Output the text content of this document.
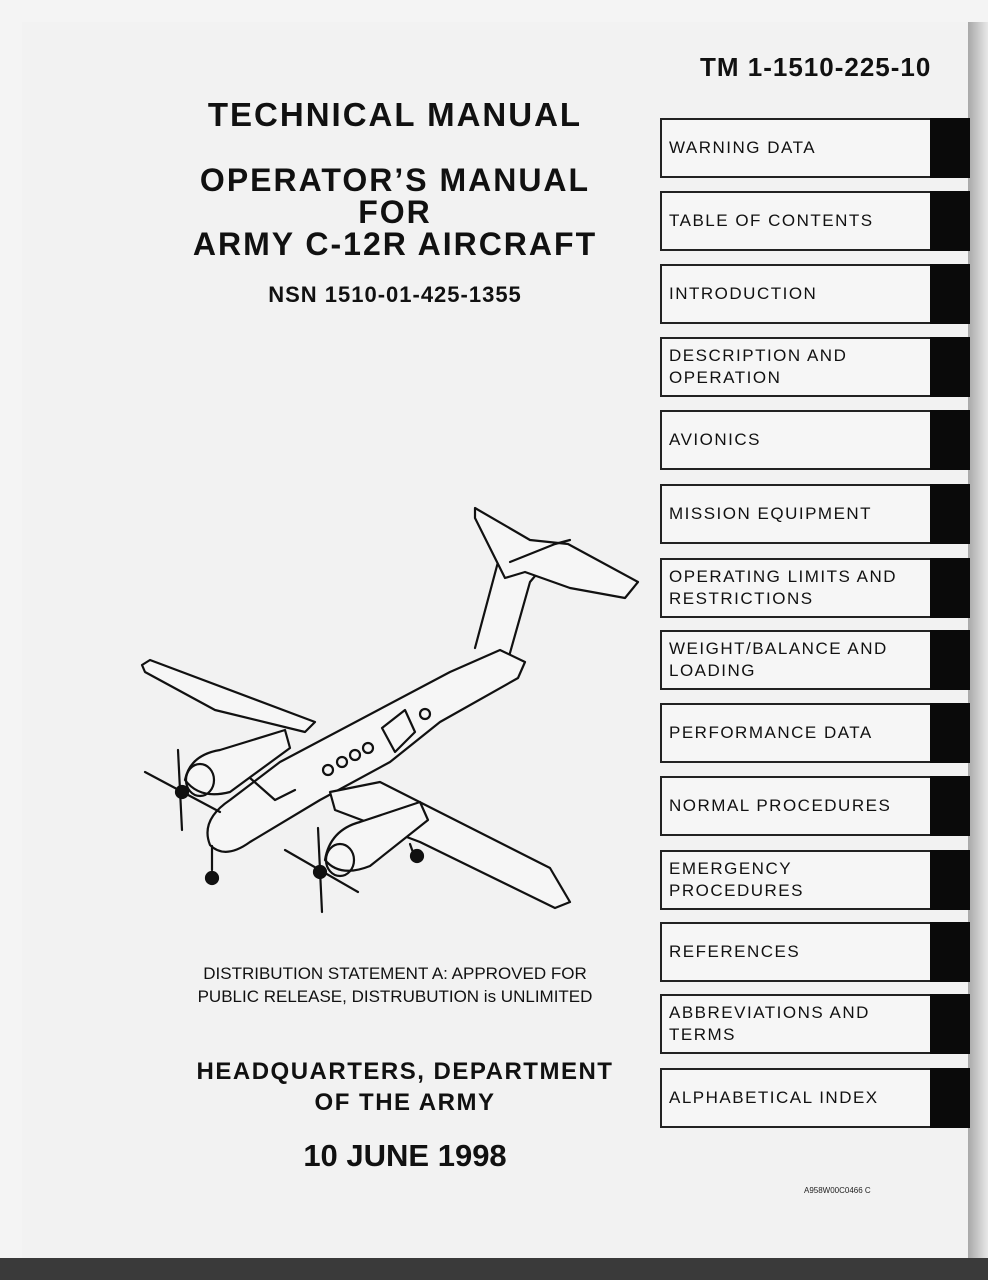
TM 1-1510-225-10
TECHNICAL MANUAL
OPERATOR’S MANUAL
FOR
ARMY C-12R AIRCRAFT
NSN 1510-01-425-1355
WARNING DATA
TABLE OF CONTENTS
INTRODUCTION
DESCRIPTION AND OPERATION
AVIONICS
MISSION EQUIPMENT
OPERATING LIMITS AND RESTRICTIONS
WEIGHT/BALANCE AND LOADING
PERFORMANCE DATA
NORMAL PROCEDURES
EMERGENCY PROCEDURES
REFERENCES
ABBREVIATIONS AND TERMS
ALPHABETICAL INDEX
DISTRIBUTION STATEMENT A: APPROVED FOR
PUBLIC RELEASE, DISTRUBUTION is UNLIMITED
HEADQUARTERS, DEPARTMENT
OF THE ARMY
10 JUNE 1998
A958W00C0466 C
